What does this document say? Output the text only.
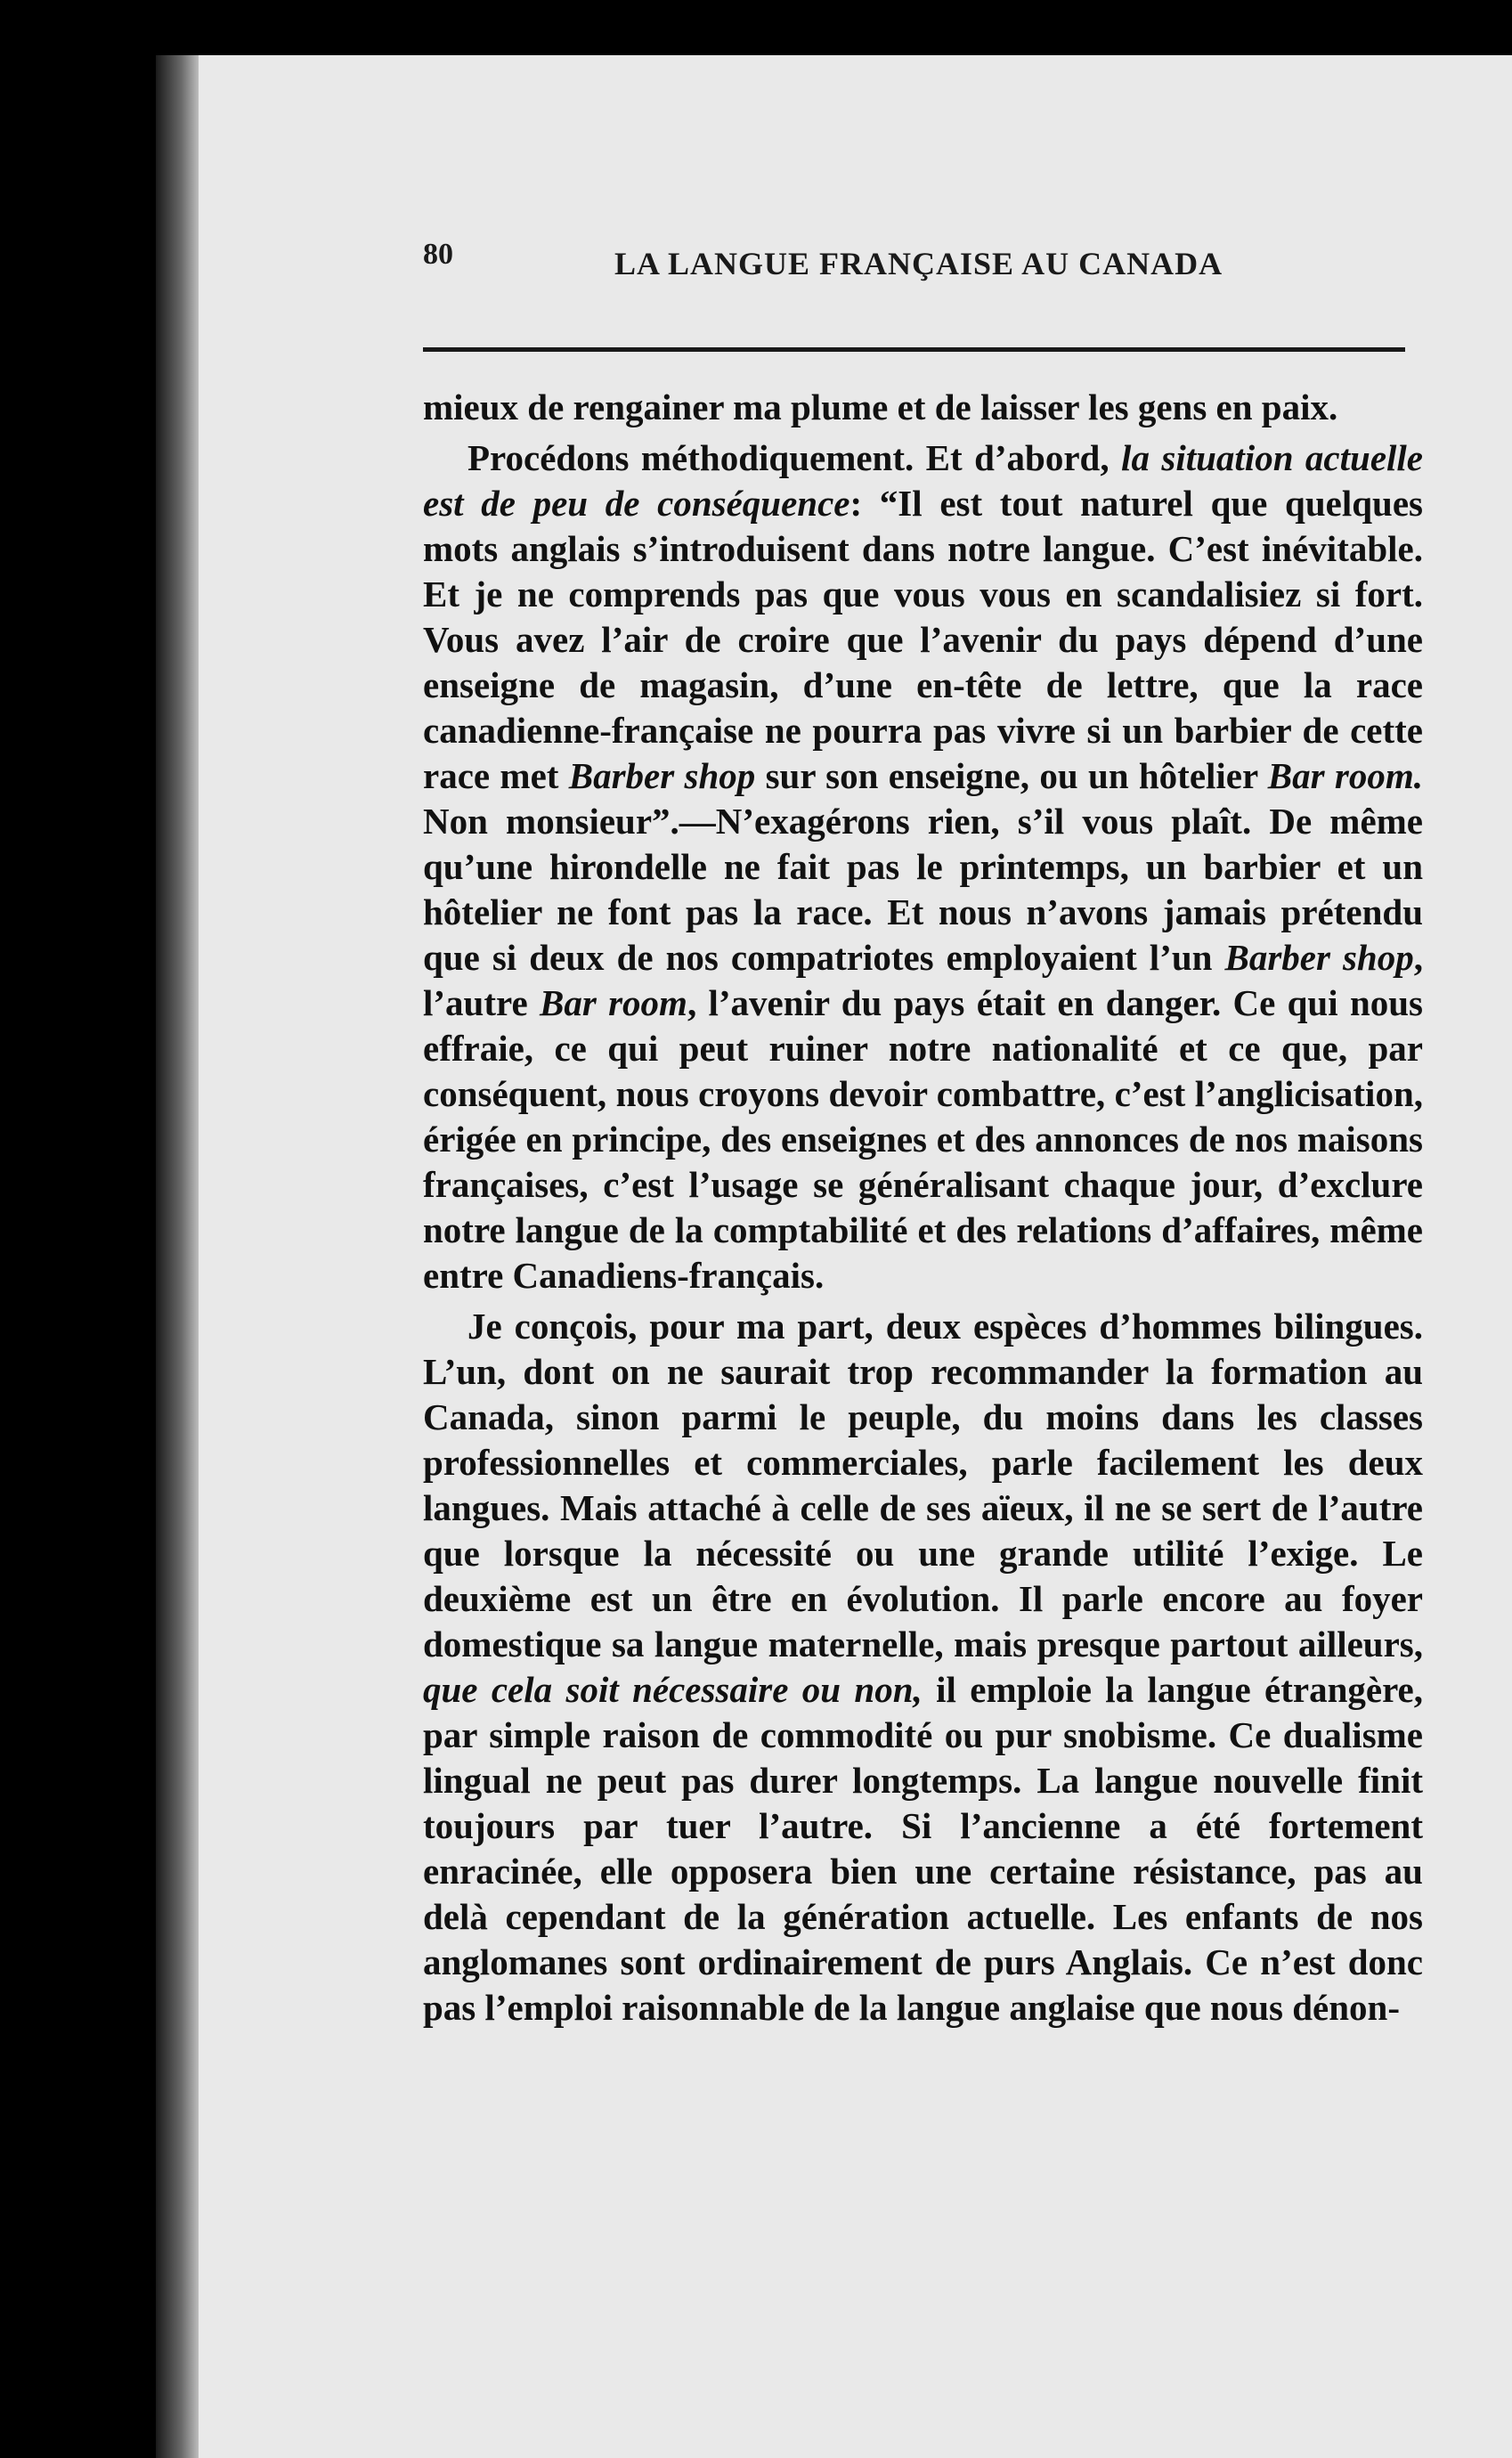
80	LA LANGUE FRANÇAISE AU CANADA

mieux de rengainer ma plume et de laisser les gens en paix.

Procédons méthodiquement. Et d’abord, la situation actuelle est de peu de conséquence: “Il est tout naturel que quelques mots anglais s’introduisent dans notre langue. C’est inévitable. Et je ne comprends pas que vous vous en scandalisiez si fort. Vous avez l’air de croire que l’avenir du pays dépend d’une enseigne de magasin, d’une en-tête de lettre, que la race canadienne-française ne pourra pas vivre si un barbier de cette race met Barber shop sur son enseigne, ou un hôtelier Bar room. Non monsieur”.—N’exagérons rien, s’il vous plaît. De même qu’une hirondelle ne fait pas le printemps, un barbier et un hôtelier ne font pas la race. Et nous n’avons jamais prétendu que si deux de nos compatriotes employaient l’un Barber shop, l’autre Bar room, l’avenir du pays était en danger. Ce qui nous effraie, ce qui peut ruiner notre nationalité et ce que, par conséquent, nous croyons devoir combattre, c’est l’anglicisation, érigée en principe, des enseignes et des annonces de nos maisons françaises, c’est l’usage se généralisant chaque jour, d’exclure notre langue de la comptabilité et des relations d’affaires, même entre Canadiens-français.

Je conçois, pour ma part, deux espèces d’hommes bilingues. L’un, dont on ne saurait trop recommander la formation au Canada, sinon parmi le peuple, du moins dans les classes professionnelles et commerciales, parle facilement les deux langues. Mais attaché à celle de ses aïeux, il ne se sert de l’autre que lorsque la nécessité ou une grande utilité l’exige. Le deuxième est un être en évolution. Il parle encore au foyer domestique sa langue maternelle, mais presque partout ailleurs, que cela soit nécessaire ou non, il emploie la langue étrangère, par simple raison de commodité ou pur snobisme. Ce dualisme lingual ne peut pas durer longtemps. La langue nouvelle finit toujours par tuer l’autre. Si l’ancienne a été fortement enracinée, elle opposera bien une certaine résistance, pas au delà cependant de la génération actuelle. Les enfants de nos anglomanes sont ordinairement de purs Anglais. Ce n’est donc pas l’emploi raisonnable de la langue anglaise que nous dénon-
